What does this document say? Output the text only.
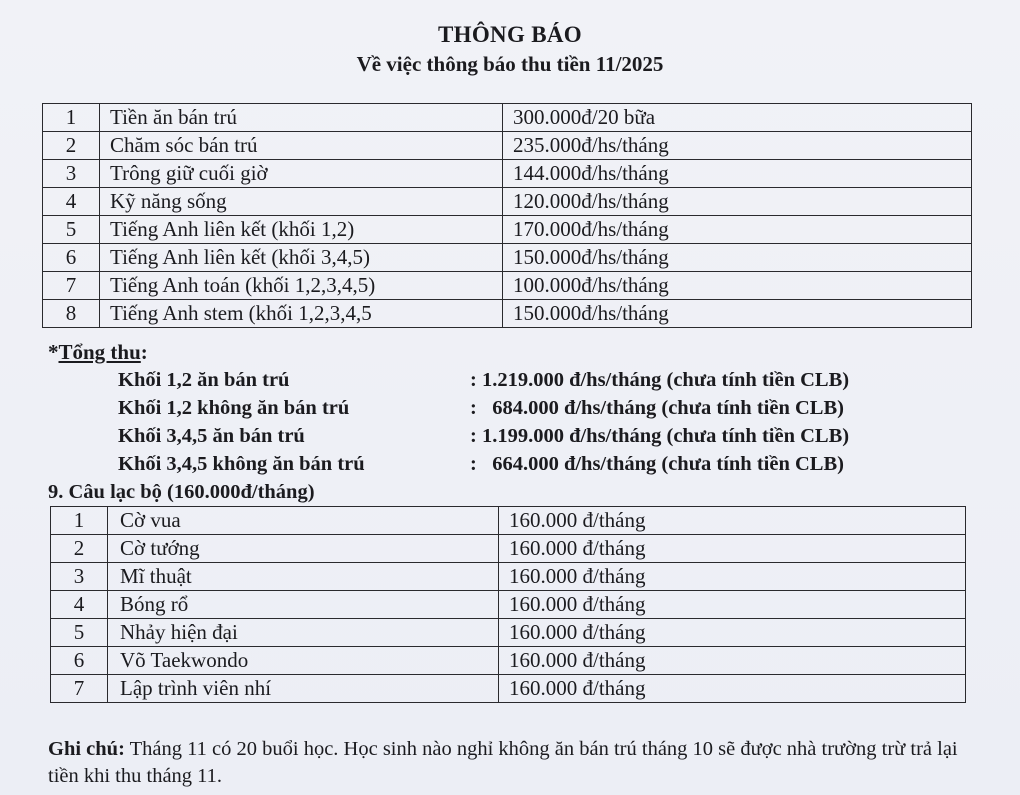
THÔNG BÁO
Về việc thông báo thu tiền 11/2025
1	Tiền ăn bán trú	300.000đ/20 bữa
2	Chăm sóc bán trú	235.000đ/hs/tháng
3	Trông giữ cuối giờ	144.000đ/hs/tháng
4	Kỹ năng sống	120.000đ/hs/tháng
5	Tiếng Anh liên kết (khối 1,2)	170.000đ/hs/tháng
6	Tiếng Anh liên kết (khối 3,4,5)	150.000đ/hs/tháng
7	Tiếng Anh toán (khối 1,2,3,4,5)	100.000đ/hs/tháng
8	Tiếng Anh stem (khối 1,2,3,4,5	150.000đ/hs/tháng
*Tổng thu:
Khối 1,2 ăn bán trú	: 1.219.000 đ/hs/tháng (chưa tính tiền CLB)
Khối 1,2 không ăn bán trú	:   684.000 đ/hs/tháng (chưa tính tiền CLB)
Khối 3,4,5 ăn bán trú	: 1.199.000 đ/hs/tháng (chưa tính tiền CLB)
Khối 3,4,5 không ăn bán trú	:   664.000 đ/hs/tháng (chưa tính tiền CLB)
9. Câu lạc bộ (160.000đ/tháng)
1	Cờ vua	160.000 đ/tháng
2	Cờ tướng	160.000 đ/tháng
3	Mĩ thuật	160.000 đ/tháng
4	Bóng rổ	160.000 đ/tháng
5	Nhảy hiện đại	160.000 đ/tháng
6	Võ Taekwondo	160.000 đ/tháng
7	Lập trình viên nhí	160.000 đ/tháng
Ghi chú: Tháng 11 có 20 buổi học. Học sinh nào nghỉ không ăn bán trú tháng 10 sẽ được nhà trường trừ trả lại tiền khi thu tháng 11.
